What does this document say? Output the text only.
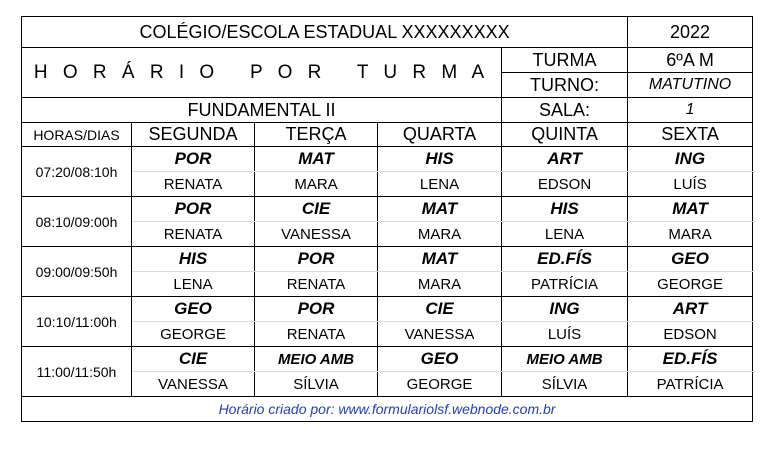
COLÉGIO/ESCOLA ESTADUAL XXXXXXXXX					2022
H O R Á R I O   P O R   T U R M A				TURMA	6ºA M
				TURNO:	MATUTINO
FUNDAMENTAL II				SALA:	1
HORAS/DIAS	SEGUNDA	TERÇA	QUARTA	QUINTA	SEXTA
07:20/08:10h	POR	MAT	HIS	ART	ING
	RENATA	MARA	LENA	EDSON	LUÍS
08:10/09:00h	POR	CIE	MAT	HIS	MAT
	RENATA	VANESSA	MARA	LENA	MARA
09:00/09:50h	HIS	POR	MAT	ED.FÍS	GEO
	LENA	RENATA	MARA	PATRÍCIA	GEORGE
10:10/11:00h	GEO	POR	CIE	ING	ART
	GEORGE	RENATA	VANESSA	LUÍS	EDSON
11:00/11:50h	CIE	MEIO AMB	GEO	MEIO AMB	ED.FÍS
	VANESSA	SÍLVIA	GEORGE	SÍLVIA	PATRÍCIA
Horário criado por: www.formulariolsf.webnode.com.br					
